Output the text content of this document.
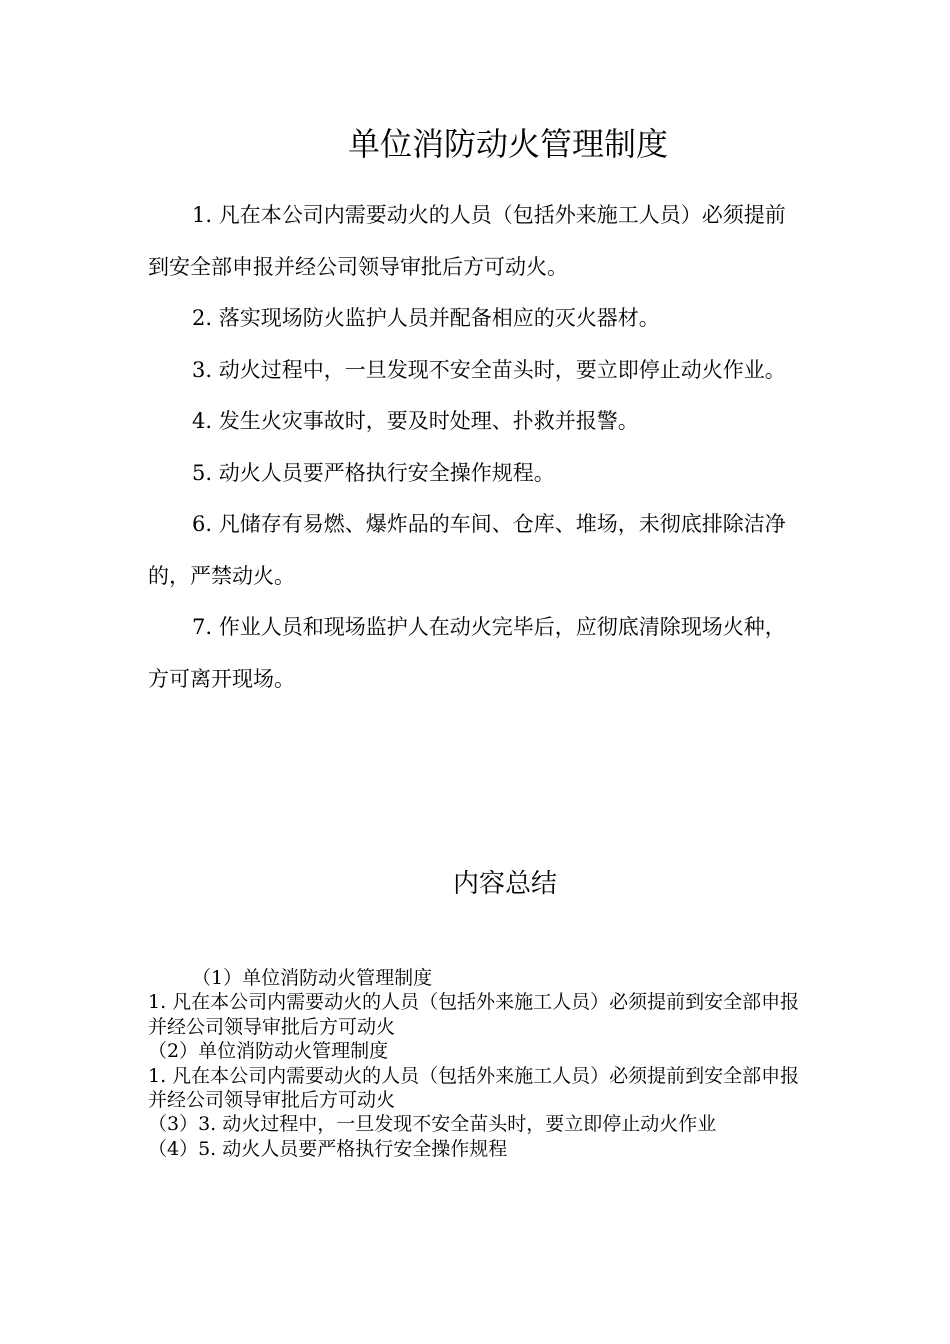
单位消防动火管理制度

1. 凡在本公司内需要动火的人员（包括外来施工人员）必须提前到安全部申报并经公司领导审批后方可动火。

2. 落实现场防火监护人员并配备相应的灭火器材。

3. 动火过程中，一旦发现不安全苗头时，要立即停止动火作业。

4. 发生火灾事故时，要及时处理、扑救并报警。

5. 动火人员要严格执行安全操作规程。

6. 凡储存有易燃、爆炸品的车间、仓库、堆场，未彻底排除洁净的，严禁动火。

7. 作业人员和现场监护人在动火完毕后，应彻底清除现场火种，方可离开现场。

内容总结

（1）单位消防动火管理制度

1. 凡在本公司内需要动火的人员（包括外来施工人员）必须提前到安全部申报并经公司领导审批后方可动火

（2）单位消防动火管理制度

1. 凡在本公司内需要动火的人员（包括外来施工人员）必须提前到安全部申报并经公司领导审批后方可动火

（3）3. 动火过程中，一旦发现不安全苗头时，要立即停止动火作业

（4）5. 动火人员要严格执行安全操作规程
